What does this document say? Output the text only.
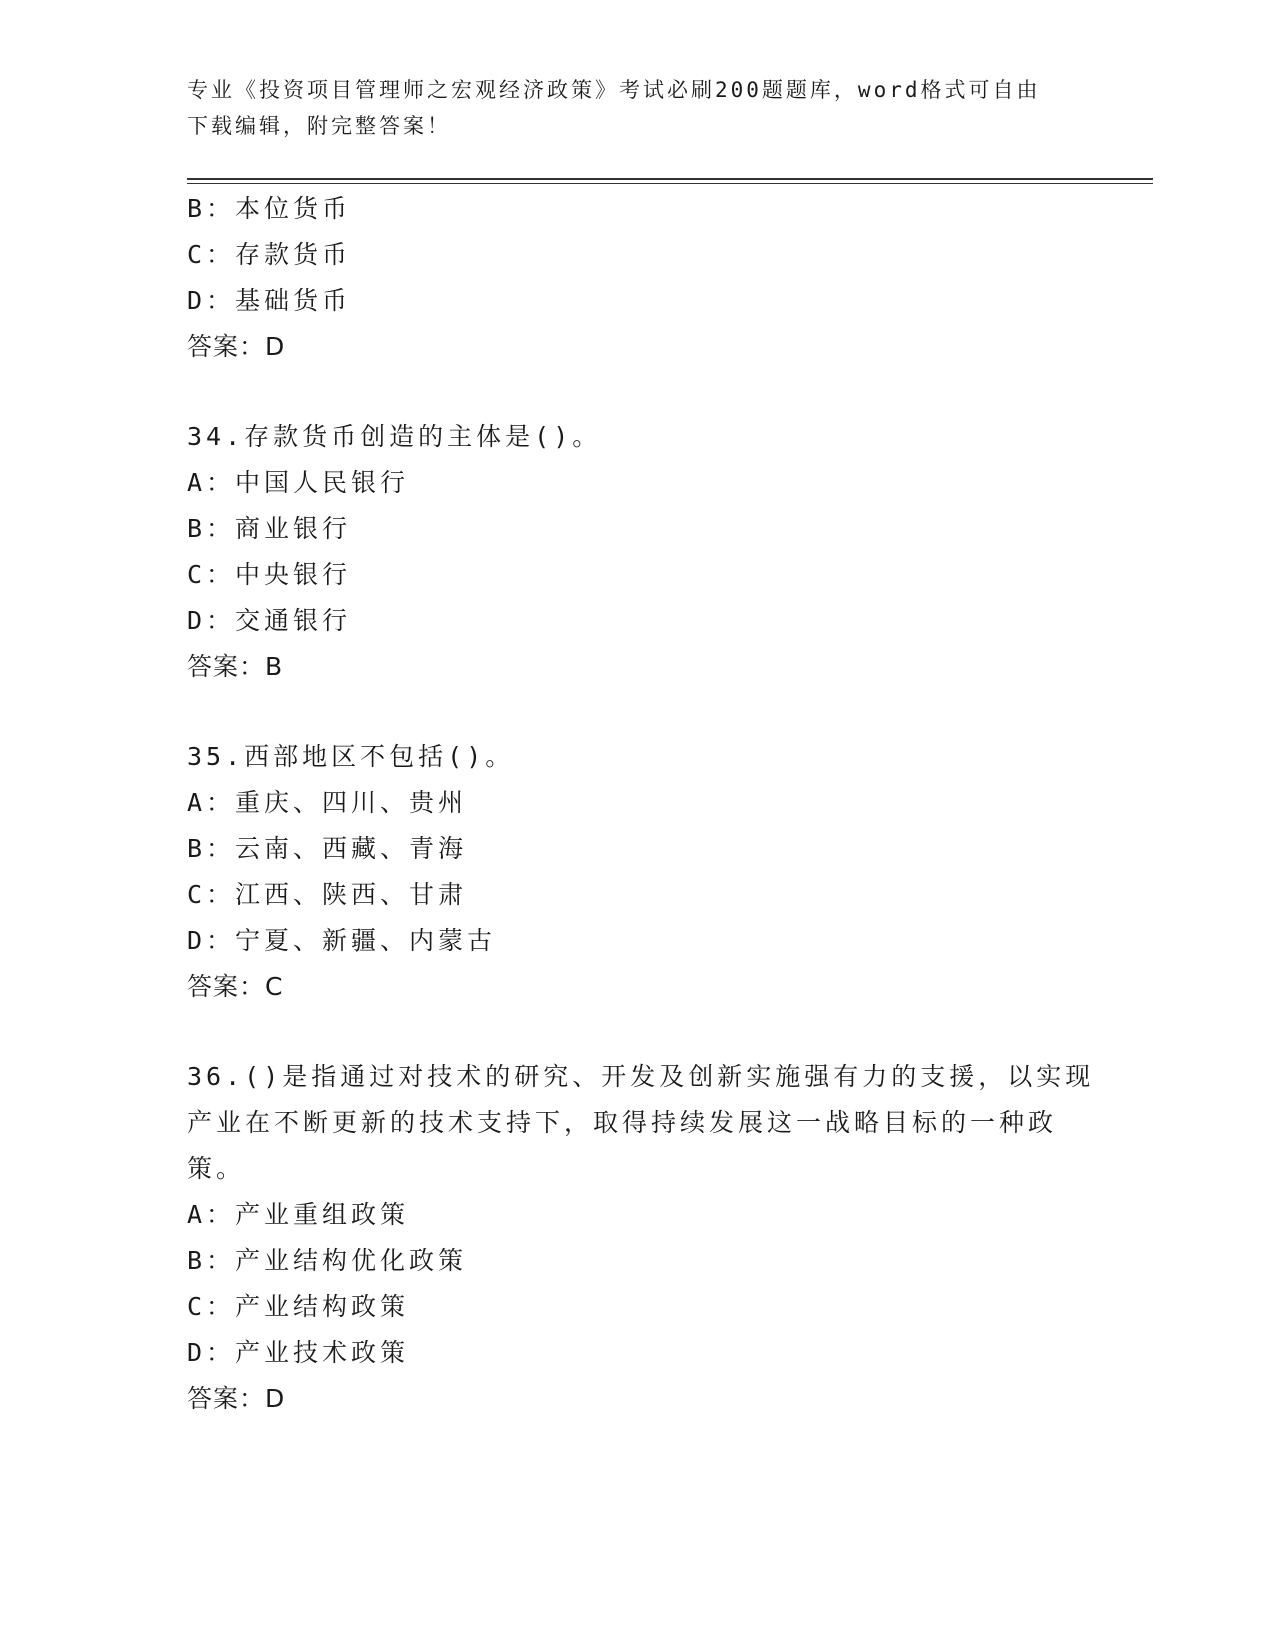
专业《投资项目管理师之宏观经济政策》考试必刷200题题库，word格式可自由
下载编辑，附完整答案！
B：本位货币
C：存款货币
D：基础货币
答案：D
34.存款货币创造的主体是()。
A：中国人民银行
B：商业银行
C：中央银行
D：交通银行
答案：B
35.西部地区不包括()。
A：重庆、四川、贵州
B：云南、西藏、青海
C：江西、陕西、甘肃
D：宁夏、新疆、内蒙古
答案：C
36.()是指通过对技术的研究、开发及创新实施强有力的支援，以实现
产业在不断更新的技术支持下，取得持续发展这一战略目标的一种政
策。
A：产业重组政策
B：产业结构优化政策
C：产业结构政策
D：产业技术政策
答案：D
